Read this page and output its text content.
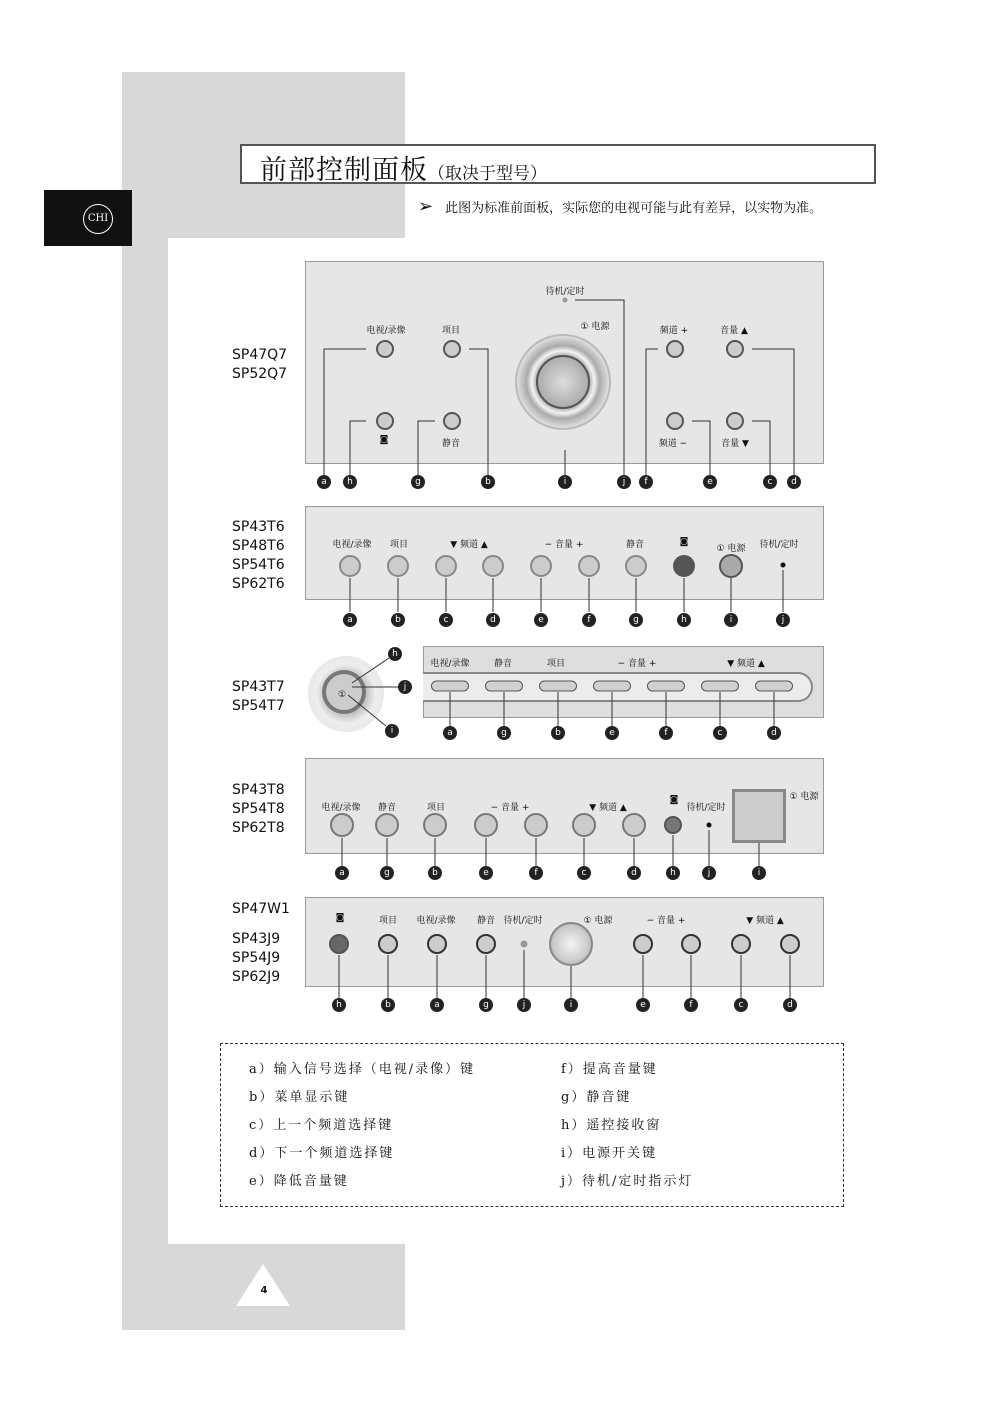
CHI
前部控制面板（取决于型号）
➢ 此图为标准前面板，实际您的电视可能与此有差异，以实物为准。
SP47Q7
SP52Q7
电视/录像	项目
待机/定时
① 电源	频道 +	音量 ▲
◙	静音	频道 −	音量 ▼
SP43T6
SP48T6
SP54T6
SP62T6
电视/录像 项目	▼ 频道 ▲	− 音量 +	静音	◙
① 电源 待机/定时
SP43T7
SP54T7
①
电视/录像	静音	项目	− 音量 +	▼ 频道 ▲
SP43T8
SP54T8
SP62T8
电视/录像 静音	项目	− 音量 +	▼ 频道 ▲
◙
待机/定时
① 电源
SP47W1
SP43J9
SP54J9
SP62J9
◙	项目 电视/录像 静音 待机/定时	① 电源	− 音量 +	▼ 频道 ▲
a	h	g	b	i	j	f	e	c	d
a	b	c	d	e	f	g	h	i	j
a	g	b	e	f	c	d
h
j
i
a	g	b	e	f	c	d	h	j	i
h	b	a	g	j	i	e	f	c	d
a）输入信号选择（电视/录像）键
b）菜单显示键
c）上一个频道选择键
d）下一个频道选择键
e）降低音量键
f）提高音量键
g）静音键
h）遥控接收窗
i）电源开关键
j）待机/定时指示灯
4
